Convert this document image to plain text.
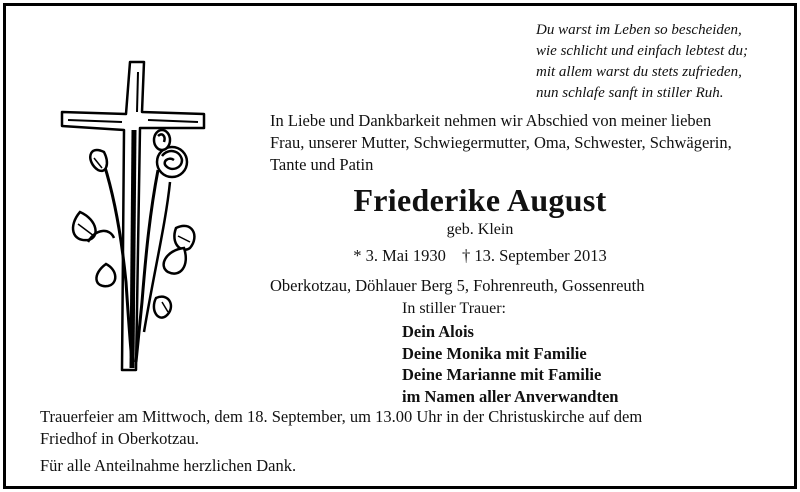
Du warst im Leben so bescheiden,
wie schlicht und einfach lebtest du;
mit allem warst du stets zufrieden,
nun schlafe sanft in stiller Ruh.
In Liebe und Dankbarkeit nehmen wir Abschied von meiner lieben
Frau, unserer Mutter, Schwiegermutter, Oma, Schwester, Schwägerin,
Tante und Patin
Friederike August
geb. Klein
* 3. Mai 1930 † 13. September 2013
Oberkotzau, Döhlauer Berg 5, Fohrenreuth, Gossenreuth
In stiller Trauer:
Dein Alois
Deine Monika mit Familie
Deine Marianne mit Familie
im Namen aller Anverwandten
Trauerfeier am Mittwoch, dem 18. September, um 13.00 Uhr in der Christuskirche auf dem
Friedhof in Oberkotzau.
Für alle Anteilnahme herzlichen Dank.
